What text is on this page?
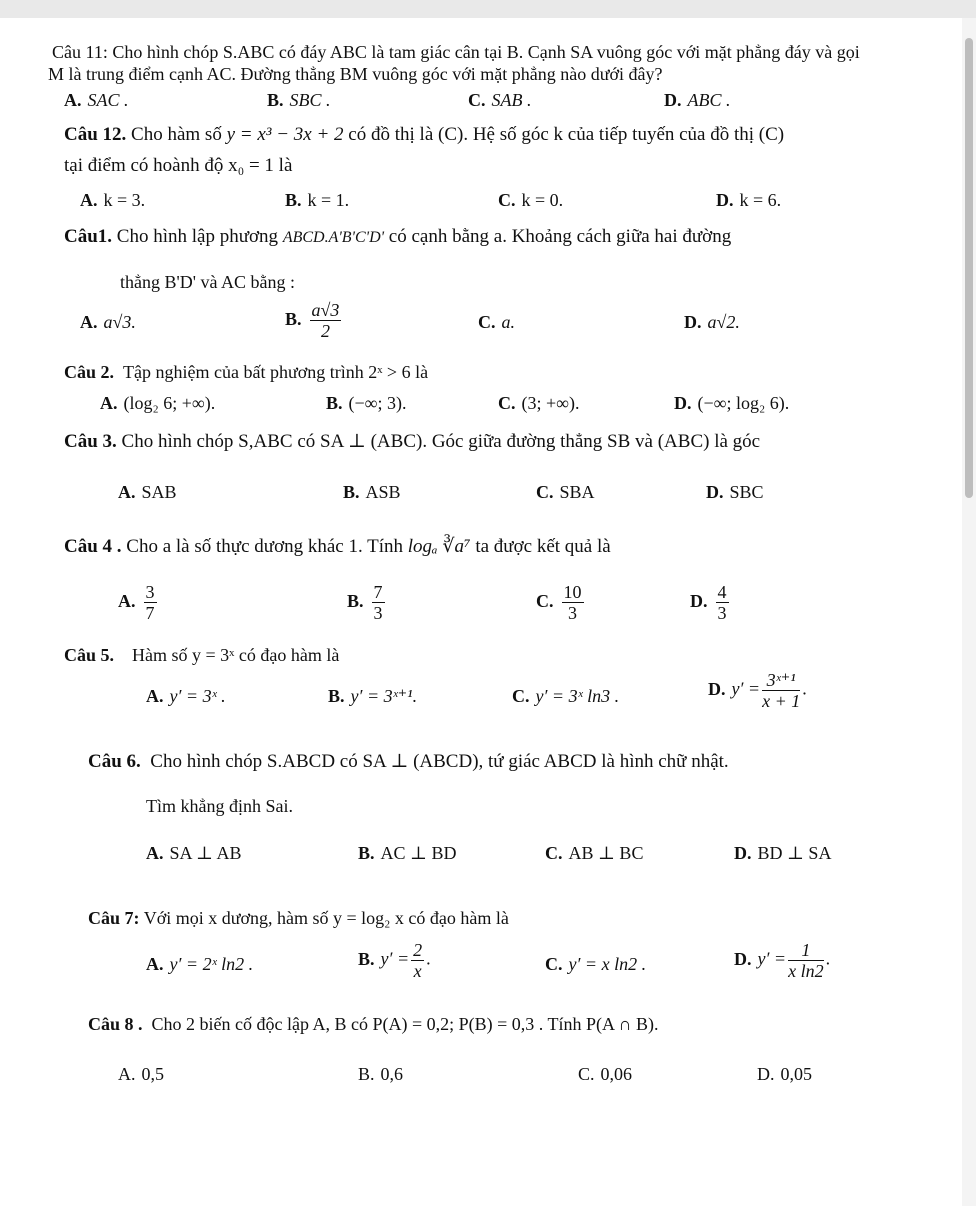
Câu 11: Cho hình chóp S.ABC có đáy ABC là tam giác cân tại B. Cạnh SA vuông góc với mặt phẳng đáy và gọi
M là trung điểm cạnh AC. Đường thẳng BM vuông góc với mặt phẳng nào dưới đây?
A. SAC .	B. SBC .	C. SAB .	D. ABC .
Câu 12. Cho hàm số y = x³ − 3x + 2 có đồ thị là (C). Hệ số góc k của tiếp tuyến của đồ thị (C)
tại điểm có hoành độ x₀ = 1 là
A. k = 3.	B. k = 1.	C. k = 0.	D. k = 6.
Câu1. Cho hình lập phương ABCD.A'B'C'D' có cạnh bằng a. Khoảng cách giữa hai đường
thẳng B'D' và AC bằng :
A. a√3.	B. $\frac{a√3}{2}$	C. a.	D. a√2.
Câu 2. Tập nghiệm của bất phương trình 2ˣ > 6 là
A. (log₂ 6; +∞).	B. (−∞; 3).	C. (3; +∞).	D. (−∞; log₂ 6).
Câu 3. Cho hình chóp S,ABC có SA ⊥ (ABC). Góc giữa đường thẳng SB và (ABC) là góc
A. SAB	B. ASB	C. SBA	D. SBC
Câu 4 . Cho a là số thực dương khác 1. Tính logₐ ∛a⁷ ta được kết quả là
A. $\frac{3}{7}$	B. $\frac{7}{3}$	C. $\frac{10}{3}$	D. $\frac{4}{3}$
Câu 5. Hàm số y = 3ˣ có đạo hàm là
A. y′ = 3ˣ .	B. y′ = 3ˣ⁺¹.	C. y′ = 3ˣ ln3 .	D. $y' = \frac{\text{3ˣ⁺¹}}{x + 1}$ .
Câu 6. Cho hình chóp S.ABCD có SA ⊥ (ABCD), tứ giác ABCD là hình chữ nhật.
Tìm khẳng định Sai.
A. SA ⊥ AB	B. AC ⊥ BD	C. AB ⊥ BC	D. BD ⊥ SA
Câu 7: Với mọi x dương, hàm số y = log₂ x có đạo hàm là
A. y′ = 2ˣ ln2 .	B. $y' = \frac{2}{x}$ .	C. y′ = x ln2 .	D. $y' = \frac{1}{\text{x ln2}}$ .
Câu 8 . Cho 2 biến cố độc lập A, B có P(A) = 0,2; P(B) = 0,3 . Tính P(A ∩ B).
A. 0,5	B. 0,6	C. 0,06	D. 0,05
